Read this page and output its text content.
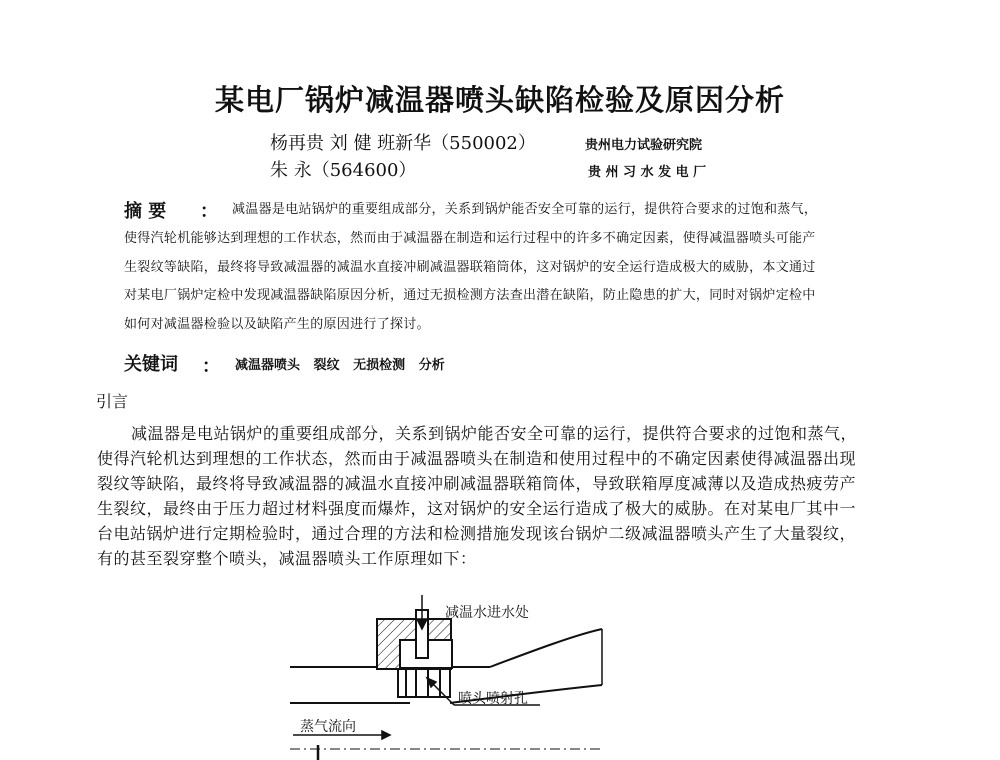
某电厂锅炉减温器喷头缺陷检验及原因分析
杨再贵 刘 健 班新华（550002）	贵州电力试验研究院
朱 永（564600）	贵 州 习 水 发 电 厂
摘 要 ：	减温器是电站锅炉的重要组成部分，关系到锅炉能否安全可靠的运行，提供符合要求的过饱和蒸气，
使得汽轮机能够达到理想的工作状态，然而由于减温器在制造和运行过程中的许多不确定因素，使得减温器喷头可能产
生裂纹等缺陷，最终将导致减温器的减温水直接冲刷减温器联箱筒体，这对锅炉的安全运行造成极大的威胁，本文通过
对某电厂锅炉定检中发现减温器缺陷原因分析，通过无损检测方法查出潜在缺陷，防止隐患的扩大，同时对锅炉定检中
如何对减温器检验以及缺陷产生的原因进行了探讨。
关键词 ： 减温器喷头   裂纹   无损检测   分析
引言
减温器是电站锅炉的重要组成部分，关系到锅炉能否安全可靠的运行，提供符合要求的过饱和蒸气，
使得汽轮机达到理想的工作状态，然而由于减温器喷头在制造和使用过程中的不确定因素使得减温器出现
裂纹等缺陷，最终将导致减温器的减温水直接冲刷减温器联箱筒体，导致联箱厚度减薄以及造成热疲劳产
生裂纹，最终由于压力超过材料强度而爆炸，这对锅炉的安全运行造成了极大的威胁。在对某电厂其中一
台电站锅炉进行定期检验时，通过合理的方法和检测措施发现该台锅炉二级减温器喷头产生了大量裂纹，
有的甚至裂穿整个喷头，减温器喷头工作原理如下：
减温水进水处
喷头喷射孔
蒸气流向
